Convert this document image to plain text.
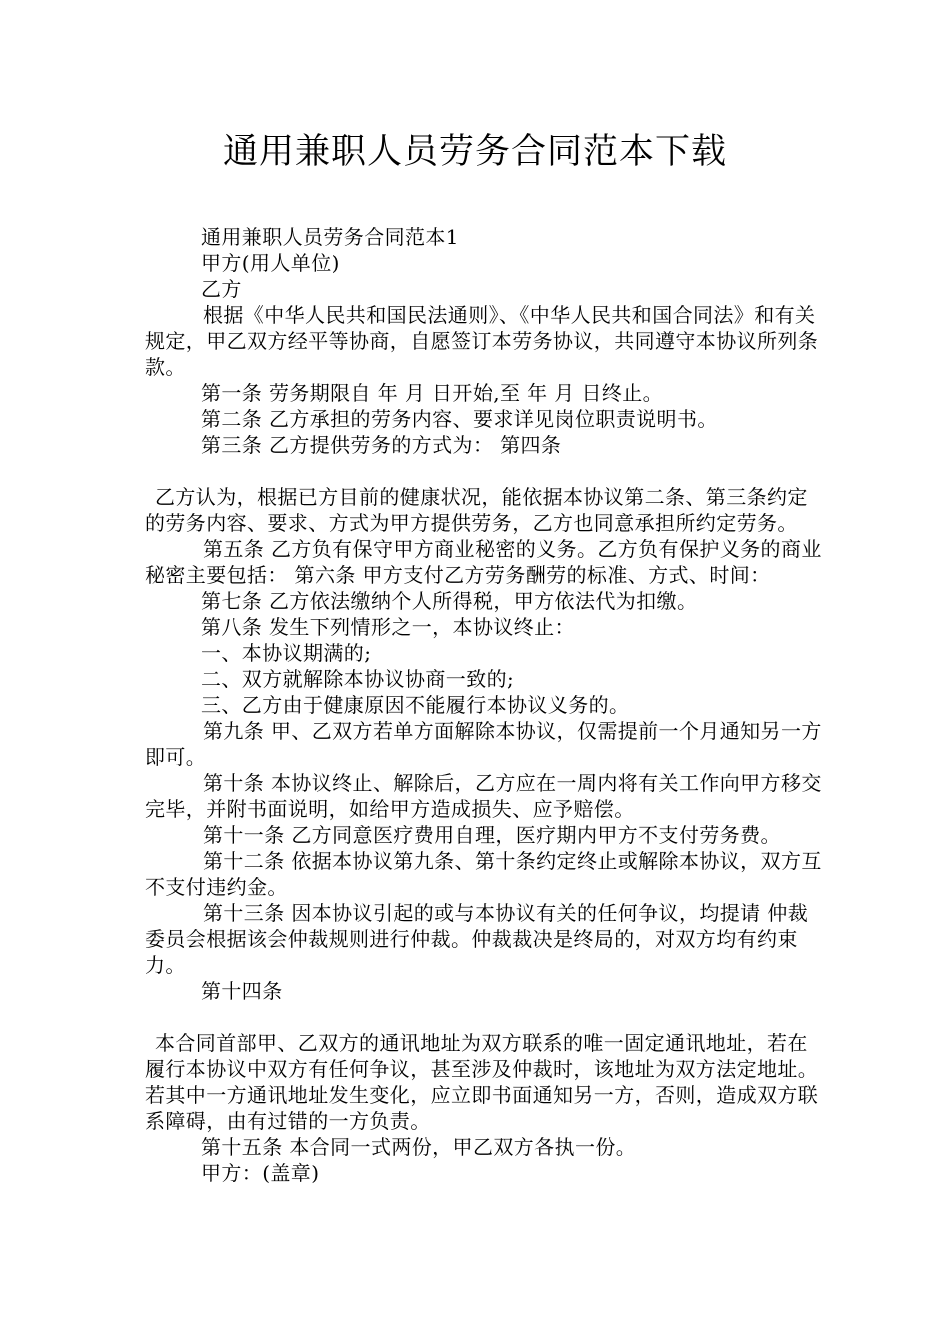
通用兼职人员劳务合同范本下载

通用兼职人员劳务合同范本1

甲方(用人单位)

乙方

根据《中华人民共和国民法通则》、《中华人民共和国合同法》和有关规定，甲乙双方经平等协商，自愿签订本劳务协议，共同遵守本协议所列条款。

第一条 劳务期限自 年 月 日开始,至 年 月 日终止。

第二条 乙方承担的劳务内容、要求详见岗位职责说明书。

第三条 乙方提供劳务的方式为： 第四条

乙方认为，根据已方目前的健康状况，能依据本协议第二条、第三条约定的劳务内容、要求、方式为甲方提供劳务，乙方也同意承担所约定劳务。

第五条 乙方负有保守甲方商业秘密的义务。乙方负有保护义务的商业秘密主要包括： 第六条 甲方支付乙方劳务酬劳的标准、方式、时间：

第七条 乙方依法缴纳个人所得税，甲方依法代为扣缴。

第八条 发生下列情形之一，本协议终止：

一、本协议期满的;

二、双方就解除本协议协商一致的;

三、乙方由于健康原因不能履行本协议义务的。

第九条 甲、乙双方若单方面解除本协议，仅需提前一个月通知另一方即可。

第十条 本协议终止、解除后，乙方应在一周内将有关工作向甲方移交完毕，并附书面说明，如给甲方造成损失、应予赔偿。

第十一条 乙方同意医疗费用自理，医疗期内甲方不支付劳务费。

第十二条 依据本协议第九条、第十条约定终止或解除本协议，双方互不支付违约金。

第十三条 因本协议引起的或与本协议有关的任何争议，均提请 仲裁委员会根据该会仲裁规则进行仲裁。仲裁裁决是终局的，对双方均有约束力。

第十四条

本合同首部甲、乙双方的通讯地址为双方联系的唯一固定通讯地址，若在履行本协议中双方有任何争议，甚至涉及仲裁时，该地址为双方法定地址。若其中一方通讯地址发生变化，应立即书面通知另一方，否则，造成双方联系障碍，由有过错的一方负责。

第十五条 本合同一式两份，甲乙双方各执一份。

甲方：(盖章)
